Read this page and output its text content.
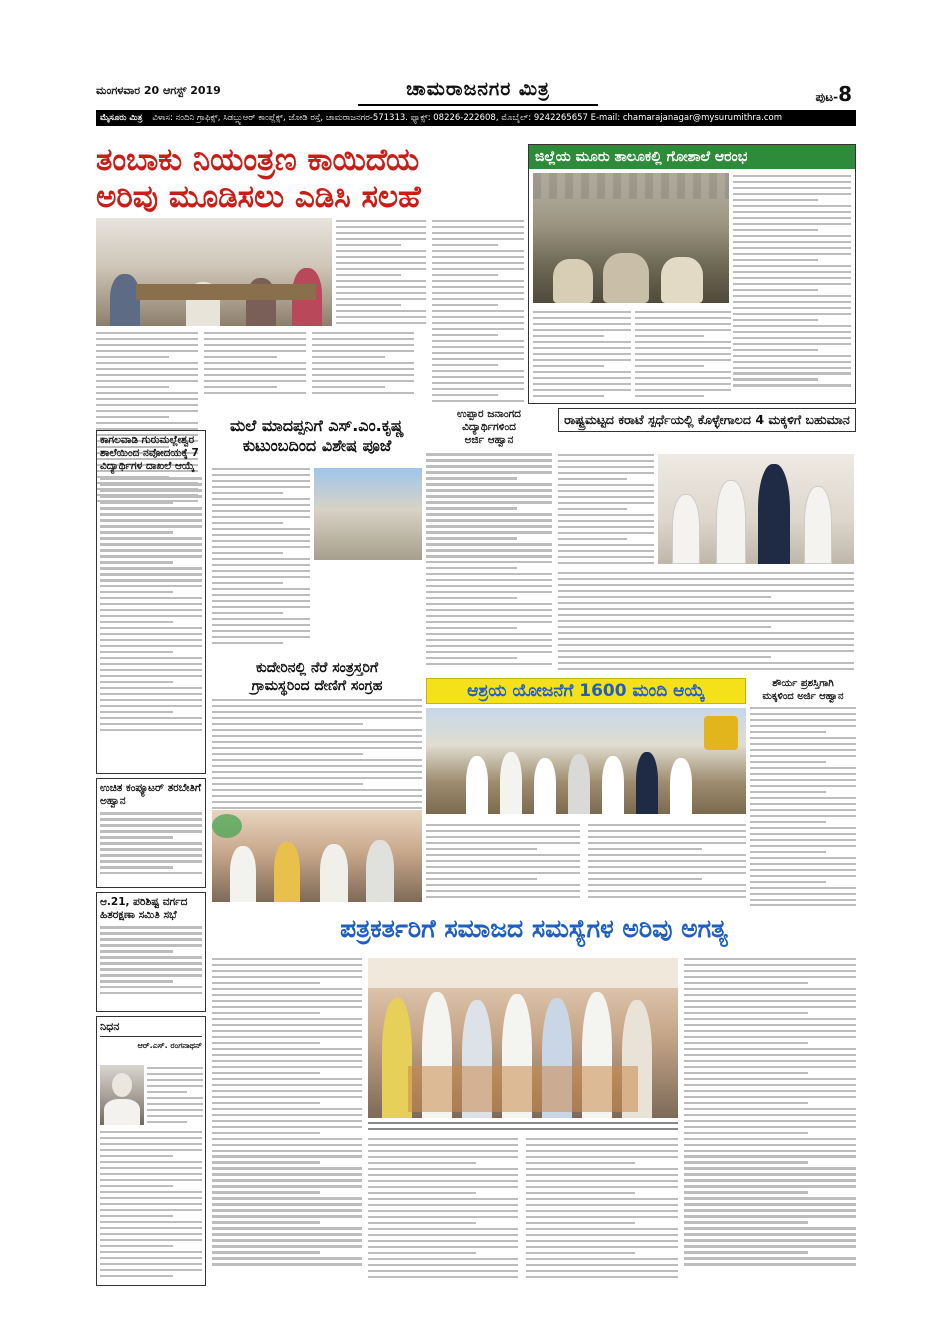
ಮಂಗಳವಾರ 20 ಆಗಸ್ಟ್ 2019	ಚಾಮರಾಜನಗರ ಮಿತ್ರ	ಪುಟ-8
ಮೈಸೂರು ಮಿತ್ರ ವಿಳಾಸ: ನಂದಿನಿ ಗ್ರಾಫಿಕ್ಸ್, ಸಿಡಬ್ಲ್ಯುಆರ್ ಕಾಂಪ್ಲೆಕ್ಸ್, ಜೋಡಿ ರಸ್ತೆ, ಚಾಮರಾಜನಗರ-571313. ಫ್ಯಾಕ್ಸ್: 08226-222608, ಮೊಬೈಲ್: 9242265657 E-mail: chamarajanagar@mysurumithra.com
ತಂಬಾಕು ನಿಯಂತ್ರಣ ಕಾಯಿದೆಯ
ಅರಿವು ಮೂಡಿಸಲು ಎಡಿಸಿ ಸಲಹೆ
ಜಿಲ್ಲೆಯ ಮೂರು ತಾಲೂಕಲ್ಲಿ ಗೋಶಾಲೆ ಆರಂಭ
ಉಪ್ಪಾರ ಜನಾಂಗದ
ವಿದ್ಯಾರ್ಥಿಗಳಿಂದ
ಅರ್ಜಿ ಆಹ್ವಾನ
ರಾಷ್ಟ್ರಮಟ್ಟದ ಕರಾಟೆ ಸ್ಪರ್ಧೆಯಲ್ಲಿ ಕೊಳ್ಳೇಗಾಲದ 4 ಮಕ್ಕಳಿಗೆ ಬಹುಮಾನ
ಕಾಗಲವಾಡಿ ಗುರುಮಲ್ಲೇಶ್ವರ ಶಾಲೆಯಿಂದ ನವೋದಯಕ್ಕೆ 7 ವಿದ್ಯಾರ್ಥಿಗಳ ದಾಖಲೆ ಆಯ್ಕೆ
ಮಲೆ ಮಾದಪ್ಪನಿಗೆ ಎಸ್.ಎಂ.ಕೃಷ್ಣ
ಕುಟುಂಬದಿಂದ ವಿಶೇಷ ಪೂಜೆ
ಕುದೇರಿನಲ್ಲಿ ನೆರೆ ಸಂತ್ರಸ್ತರಿಗೆ
ಗ್ರಾಮಸ್ಥರಿಂದ ದೇಣಿಗೆ ಸಂಗ್ರಹ
ಉಚಿತ ಕಂಪ್ಯೂಟರ್ ತರಬೇತಿಗೆ ಅಹ್ವಾನ
ಆ.21, ಪರಿಶಿಷ್ಟ ವರ್ಗದ ಹಿತರಕ್ಷಣಾ ಸಮಿತಿ ಸಭೆ
ಆಶ್ರಯ ಯೋಜನೆಗೆ 1600 ಮಂದಿ ಆಯ್ಕೆ	ಶೌರ್ಯ ಪ್ರಶಸ್ತಿಗಾಗಿ
ಮಕ್ಕಳಿಂದ ಅರ್ಜಿ ಆಹ್ವಾನ
ಪತ್ರಕರ್ತರಿಗೆ ಸಮಾಜದ ಸಮಸ್ಯೆಗಳ ಅರಿವು ಅಗತ್ಯ
ನಿಧನ
ಆರ್.ಎಸ್. ರಂಗನಾಥನ್
